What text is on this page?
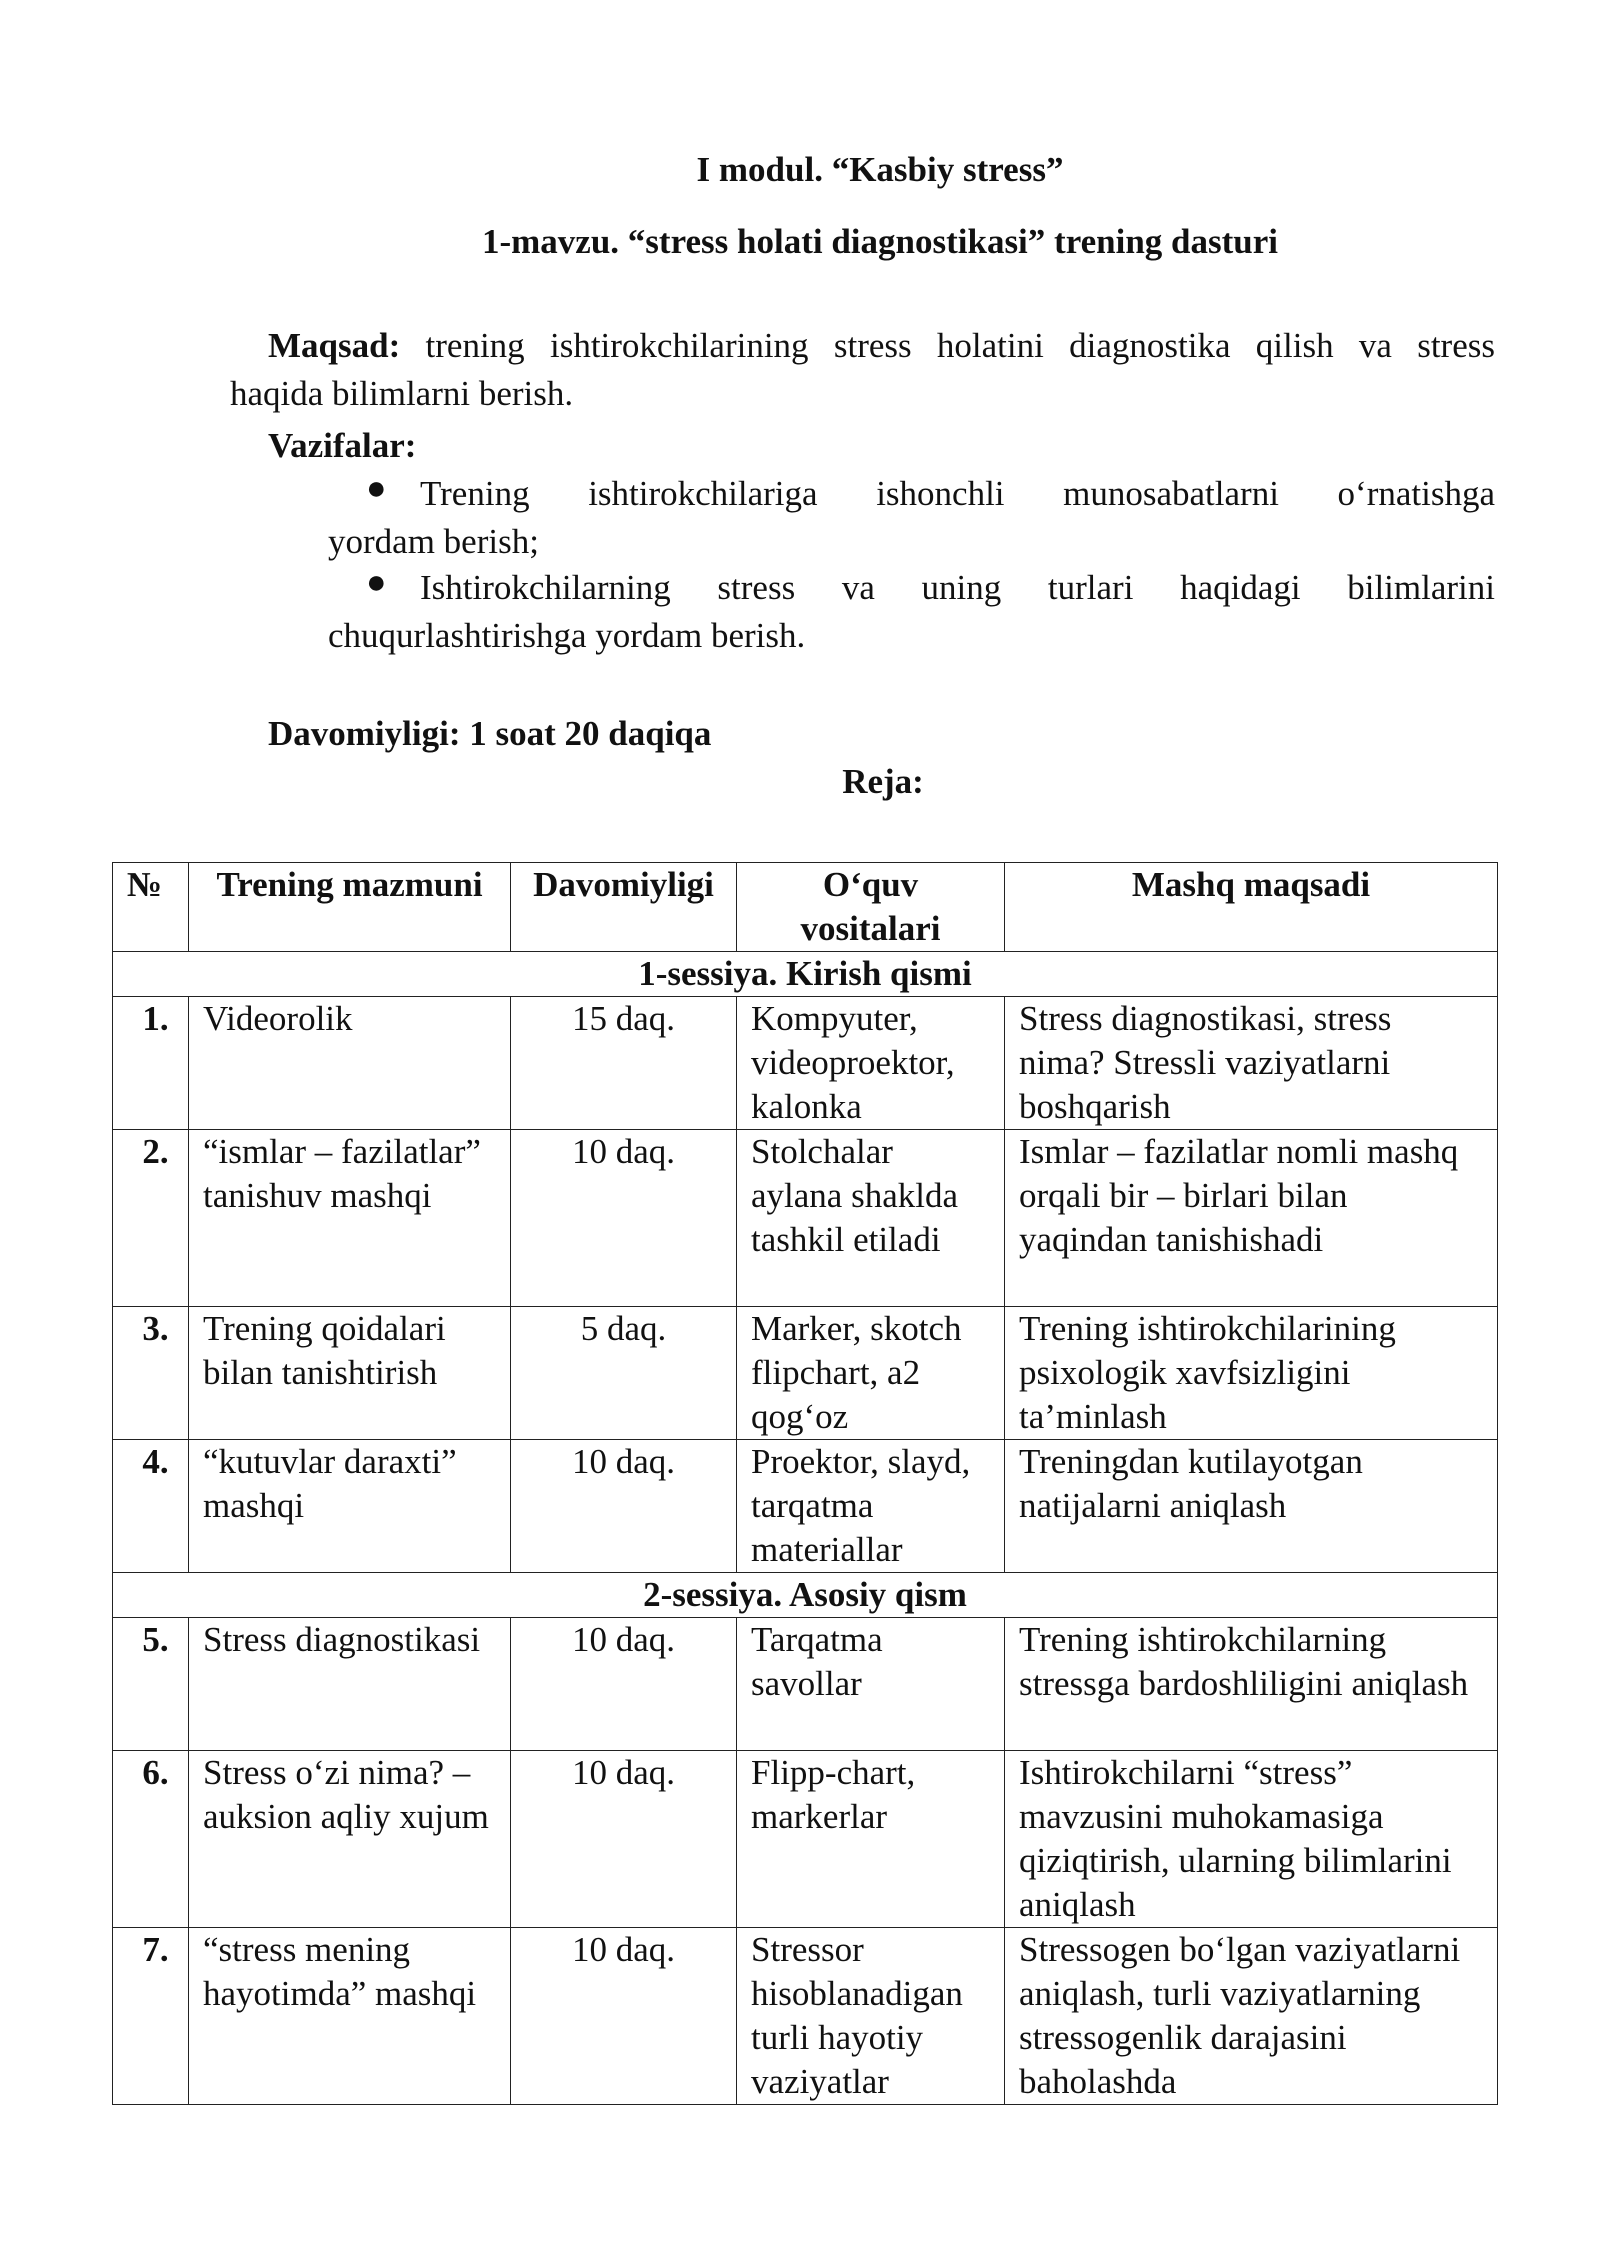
I modul. “Kasbiy stress”
1-mavzu. “stress holati diagnostikasi” trening dasturi
Maqsad: trening ishtirokchilarining stress holatini diagnostika qilish va stress
haqida bilimlarni berish.
Vazifalar:
● Trening ishtirokchilariga ishonchli munosabatlarni o‘rnatishga
yordam berish;
● Ishtirokchilarning stress va uning turlari haqidagi bilimlarini
chuqurlashtirishga yordam berish.
Davomiyligi: 1 soat 20 daqiqa
Reja:
№	Trening mazmuni	Davomiyligi	O‘quv vositalari	Mashq maqsadi
1-sessiya. Kirish qismi				
1.	Videorolik	15 daq.	Kompyuter, videoproektor, kalonka	Stress diagnostikasi, stress nima? Stressli vaziyatlarni boshqarish
2.	“ismlar – fazilatlar” tanishuv mashqi	10 daq.	Stolchalar aylana shaklda tashkil etiladi	Ismlar – fazilatlar nomli mashq orqali bir – birlari bilan yaqindan tanishishadi
3.	Trening qoidalari bilan tanishtirish	5 daq.	Marker, skotch flipchart, a2 qog‘oz	Trening ishtirokchilarining psixologik xavfsizligini ta’minlash
4.	“kutuvlar daraxti” mashqi	10 daq.	Proektor, slayd, tarqatma materiallar	Treningdan kutilayotgan natijalarni aniqlash
2-sessiya. Asosiy qism				
5.	Stress diagnostikasi	10 daq.	Tarqatma savollar	Trening ishtirokchilarning stressga bardoshliligini aniqlash
6.	Stress o‘zi nima? – auksion aqliy xujum	10 daq.	Flipp-chart, markerlar	Ishtirokchilarni “stress” mavzusini muhokamasiga qiziqtirish, ularning bilimlarini aniqlash
7.	“stress mening hayotimda” mashqi	10 daq.	Stressor hisoblanadigan turli hayotiy vaziyatlar	Stressogen bo‘lgan vaziyatlarni aniqlash, turli vaziyatlarning stressogenlik darajasini baholashda
